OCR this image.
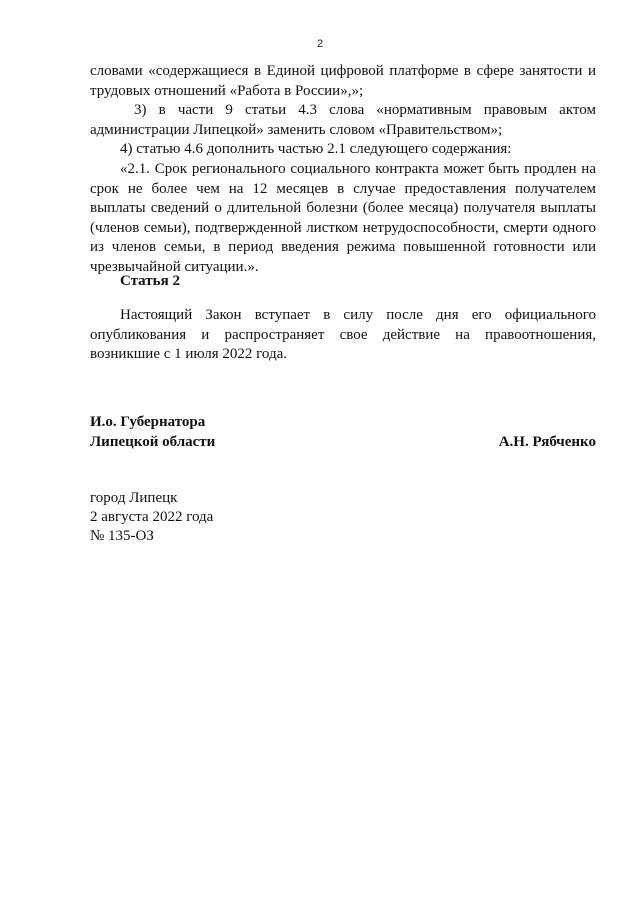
2

словами «содержащиеся в Единой цифровой платформе в сфере занятости и трудовых отношений «Работа в России»,»;

3) в части 9 статьи 4.3 слова «нормативным правовым актом администрации Липецкой» заменить словом «Правительством»;

4) статью 4.6 дополнить частью 2.1 следующего содержания:

«2.1. Срок регионального социального контракта может быть продлен на срок не более чем на 12 месяцев в случае предоставления получателем выплаты сведений о длительной болезни (более месяца) получателя выплаты (членов семьи), подтвержденной листком нетрудоспособности, смерти одного из членов семьи, в период введения режима повышенной готовности или чрезвычайной ситуации.».

Статья 2

Настоящий Закон вступает в силу после дня его официального опубликования и распространяет свое действие на правоотношения, возникшие с 1 июля 2022 года.

И.о. Губернатора
Липецкой области	А.Н. Рябченко
город Липецк
2 августа 2022 года
№ 135-ОЗ
